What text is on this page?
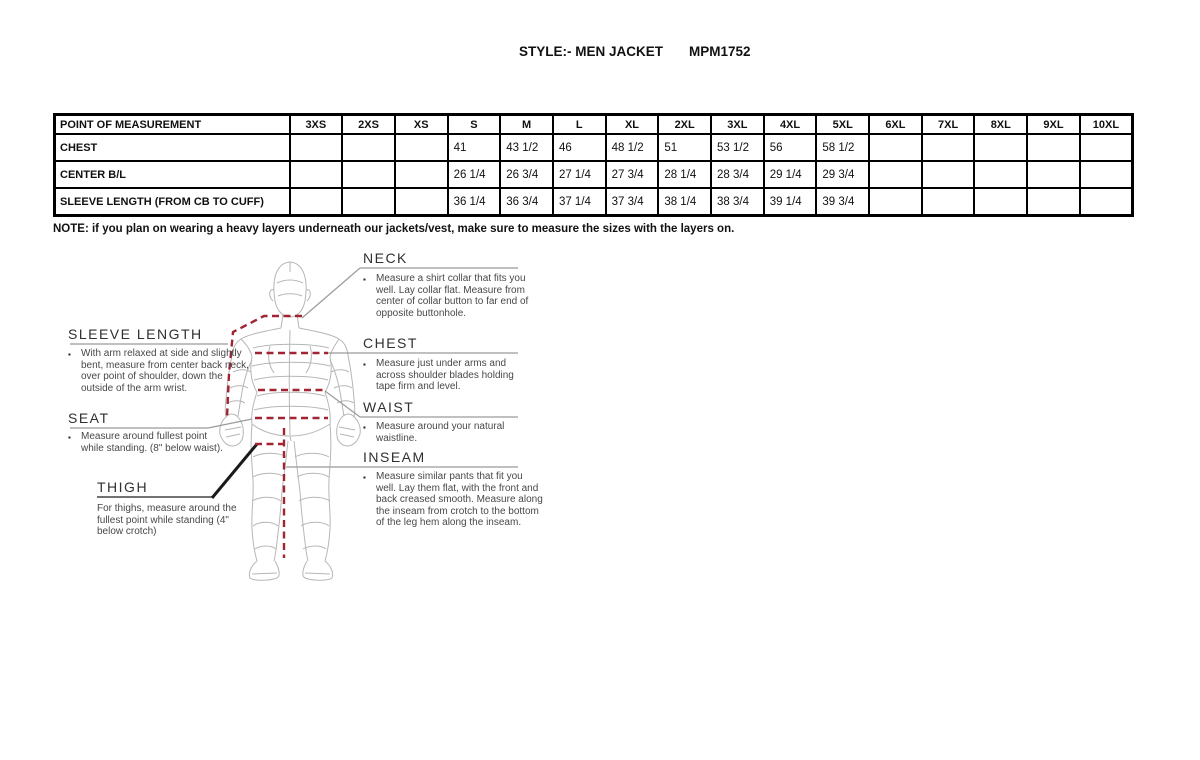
STYLE:- MEN JACKET MPM1752
POINT OF MEASUREMENT	3XS	2XS	XS	S	M	L	XL	2XL	3XL	4XL	5XL	6XL	7XL	8XL	9XL	10XL
CHEST				41	43 1/2	46	48 1/2	51	53 1/2	56	58 1/2					
CENTER B/L				26 1/4	26 3/4	27 1/4	27 3/4	28 1/4	28 3/4	29 1/4	29 3/4					
SLEEVE LENGTH (FROM CB TO CUFF)				36 1/4	36 3/4	37 1/4	37 3/4	38 1/4	38 3/4	39 1/4	39 3/4					
NOTE: if you plan on wearing a heavy layers underneath our jackets/vest, make sure to measure the sizes with the layers on.
SLEEVE LENGTH
▪ With arm relaxed at side and slightly bent, measure from center back neck, over point of shoulder, down the outside of the arm wrist.
SEAT
▪ Measure around fullest point while standing. (8" below waist).
THIGH
For thighs, measure around the fullest point while standing (4" below crotch)
NECK
▪ Measure a shirt collar that fits you well. Lay collar flat. Measure from center of collar button to far end of opposite buttonhole.
CHEST
▪ Measure just under arms and across shoulder blades holding tape firm and level.
WAIST
▪ Measure around your natural waistline.
INSEAM
▪ Measure similar pants that fit you well. Lay them flat, with the front and back creased smooth. Measure along the inseam from crotch to the bottom of the leg hem along the inseam.
